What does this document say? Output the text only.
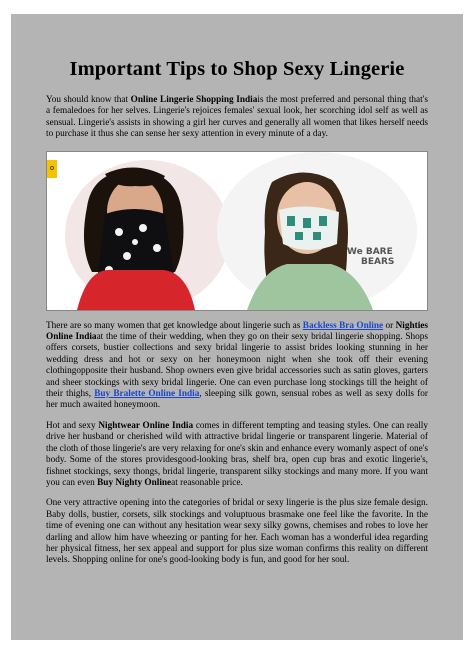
Important Tips to Shop Sexy Lingerie

You should know that Online Lingerie Shopping Indiais the most preferred and personal thing that's a femaledoes for her selves. Lingerie's rejoices females' sexual look, her scorching idol self as well as sensual. Lingerie's assists in showing a girl her curves and generally all women that likes herself needs to purchase it thus she can sense her sexy attention in every minute of a day.

o
We BARE
BEARS

There are so many women that get knowledge about lingerie such as Backless Bra Online or Nighties Online Indiaat the time of their wedding, when they go on their sexy bridal lingerie shopping. Shops offers corsets, bustier collections and sexy bridal lingerie to assist brides looking stunning in her wedding dress and hot or sexy on her honeymoon night when she took off their evening clothingopposite their husband. Shop owners even give bridal accessories such as satin gloves, garters and sheer stockings with sexy bridal lingerie. One can even purchase long stockings till the height of their thighs, Buy Bralette Online India, sleeping silk gown, sensual robes as well as sexy dolls for her much awaited honeymoon.

Hot and sexy Nightwear Online India comes in different tempting and teasing styles. One can really drive her husband or cherished wild with attractive bridal lingerie or transparent lingerie. Material of the cloth of those lingerie's are very relaxing for one's skin and enhance every womanly aspect of one's body. Some of the stores providesgood-looking bras, shelf bra, open cup bras and exotic lingerie's, fishnet stockings, sexy thongs, bridal lingerie, transparent silky stockings and many more. If you want you can even Buy Nighty Onlineat reasonable price.

One very attractive opening into the categories of bridal or sexy lingerie is the plus size female design. Baby dolls, bustier, corsets, silk stockings and voluptuous brasmake one feel like the favorite. In the time of evening one can without any hesitation wear sexy silky gowns, chemises and robes to love her darling and allow him have wheezing or panting for her. Each woman has a wonderful idea regarding her physical fitness, her sex appeal and support for plus size woman confirms this reality on different levels. Shopping online for one's good-looking body is fun, and good for her soul.
